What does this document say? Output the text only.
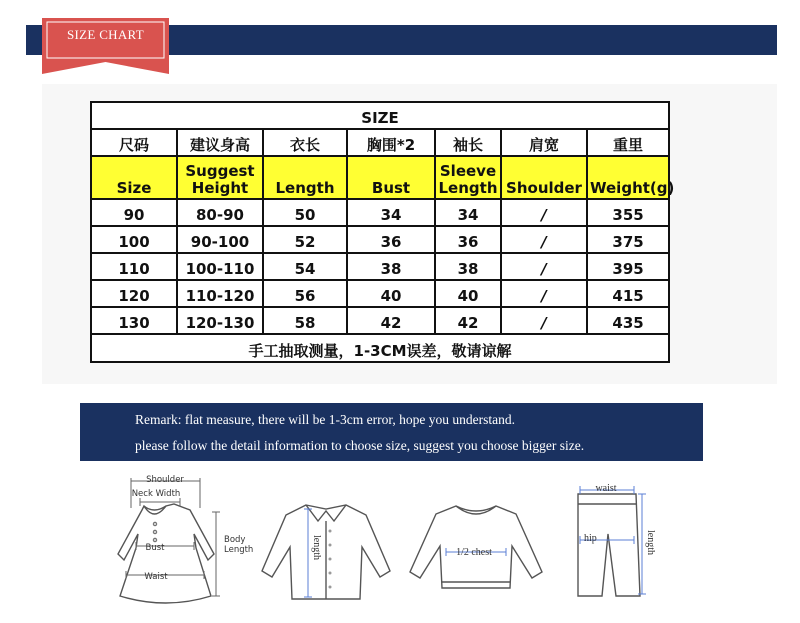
SIZE CHART
SIZE						
尺码	建议身高	衣长	胸围*2	袖长	肩宽	重里
Size	Suggest Height	Length	Bust	Sleeve Length	Shoulder	Weight(g)
90	80-90	50	34	34	/	355
100	90-100	52	36	36	/	375
110	100-110	54	38	38	/	395
120	110-120	56	40	40	/	415
130	120-130	58	42	42	/	435
手工抽取测量，1-3CM误差，敬请谅解						
Remark: flat measure, there will be 1-3cm error, hope you understand.
please follow the detail information to choose size, suggest you choose bigger size.
Shoulder
Neck Width
Bust
Waist
Body
Length	length	1/2 chest
waist
hip	length
